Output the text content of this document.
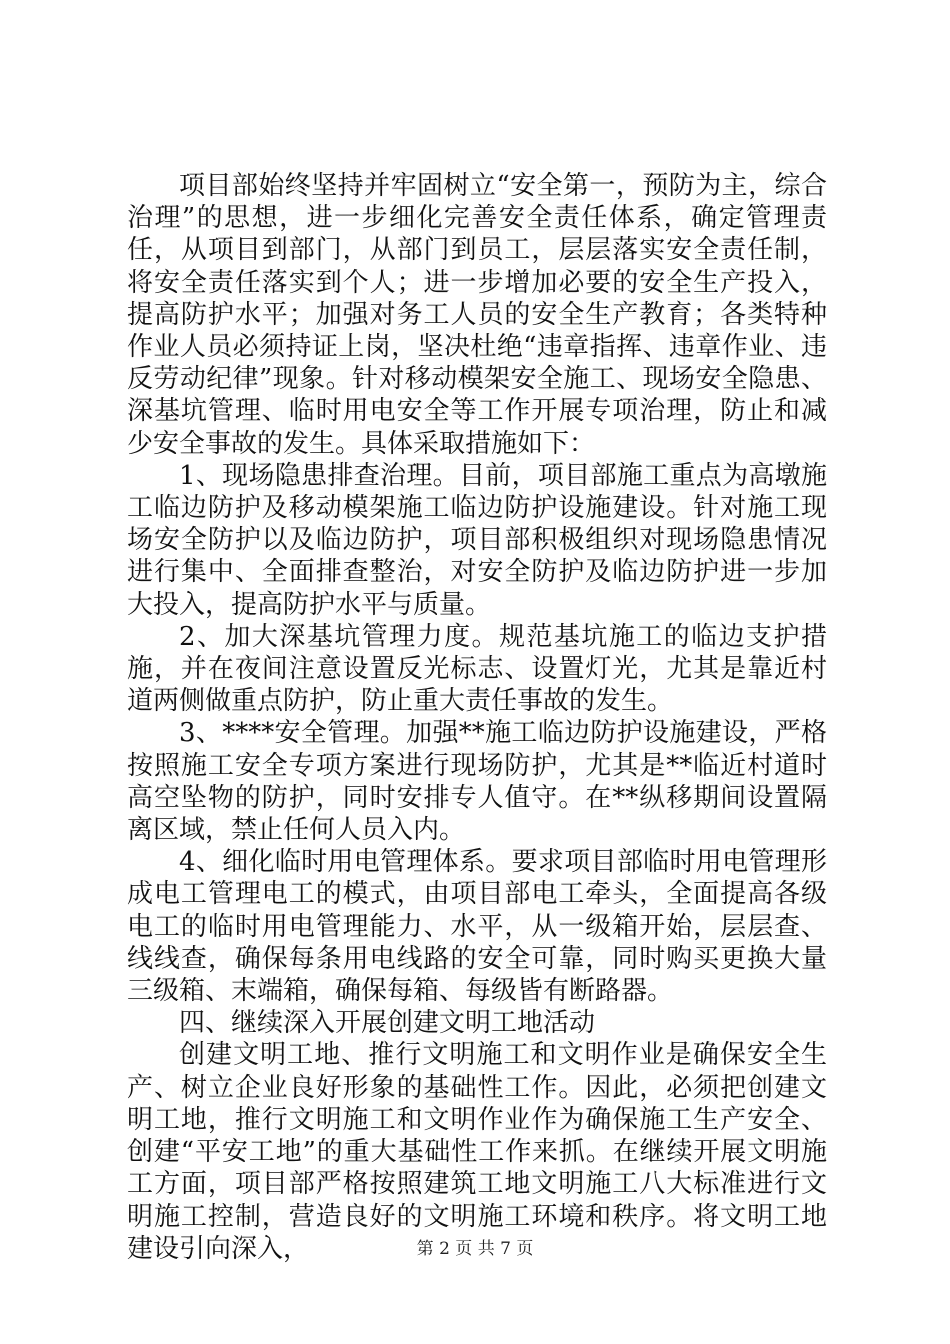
项目部始终坚持并牢固树立“安全第一，预防为主，综合治理”的思想，进一步细化完善安全责任体系，确定管理责任，从项目到部门，从部门到员工，层层落实安全责任制，将安全责任落实到个人；进一步增加必要的安全生产投入，提高防护水平；加强对务工人员的安全生产教育；各类特种作业人员必须持证上岗，坚决杜绝“违章指挥、违章作业、违反劳动纪律”现象。针对移动模架安全施工、现场安全隐患、深基坑管理、临时用电安全等工作开展专项治理，防止和减少安全事故的发生。具体采取措施如下：

1、现场隐患排查治理。目前，项目部施工重点为高墩施工临边防护及移动模架施工临边防护设施建设。针对施工现场安全防护以及临边防护，项目部积极组织对现场隐患情况进行集中、全面排查整治，对安全防护及临边防护进一步加大投入，提高防护水平与质量。

2、加大深基坑管理力度。规范基坑施工的临边支护措施，并在夜间注意设置反光标志、设置灯光，尤其是靠近村道两侧做重点防护，防止重大责任事故的发生。

3、****安全管理。加强**施工临边防护设施建设，严格按照施工安全专项方案进行现场防护，尤其是**临近村道时高空坠物的防护，同时安排专人值守。在**纵移期间设置隔离区域，禁止任何人员入内。

4、细化临时用电管理体系。要求项目部临时用电管理形成电工管理电工的模式，由项目部电工牵头，全面提高各级电工的临时用电管理能力、水平，从一级箱开始，层层查、线线查，确保每条用电线路的安全可靠，同时购买更换大量三级箱、末端箱，确保每箱、每级皆有断路器。

四、继续深入开展创建文明工地活动

创建文明工地、推行文明施工和文明作业是确保安全生产、树立企业良好形象的基础性工作。因此，必须把创建文明工地，推行文明施工和文明作业作为确保施工生产安全、创建“平安工地”的重大基础性工作来抓。在继续开展文明施工方面，项目部严格按照建筑工地文明施工八大标准进行文明施工控制，营造良好的文明施工环境和秩序。将文明工地建设引向深入，	第 2 页 共 7 页
